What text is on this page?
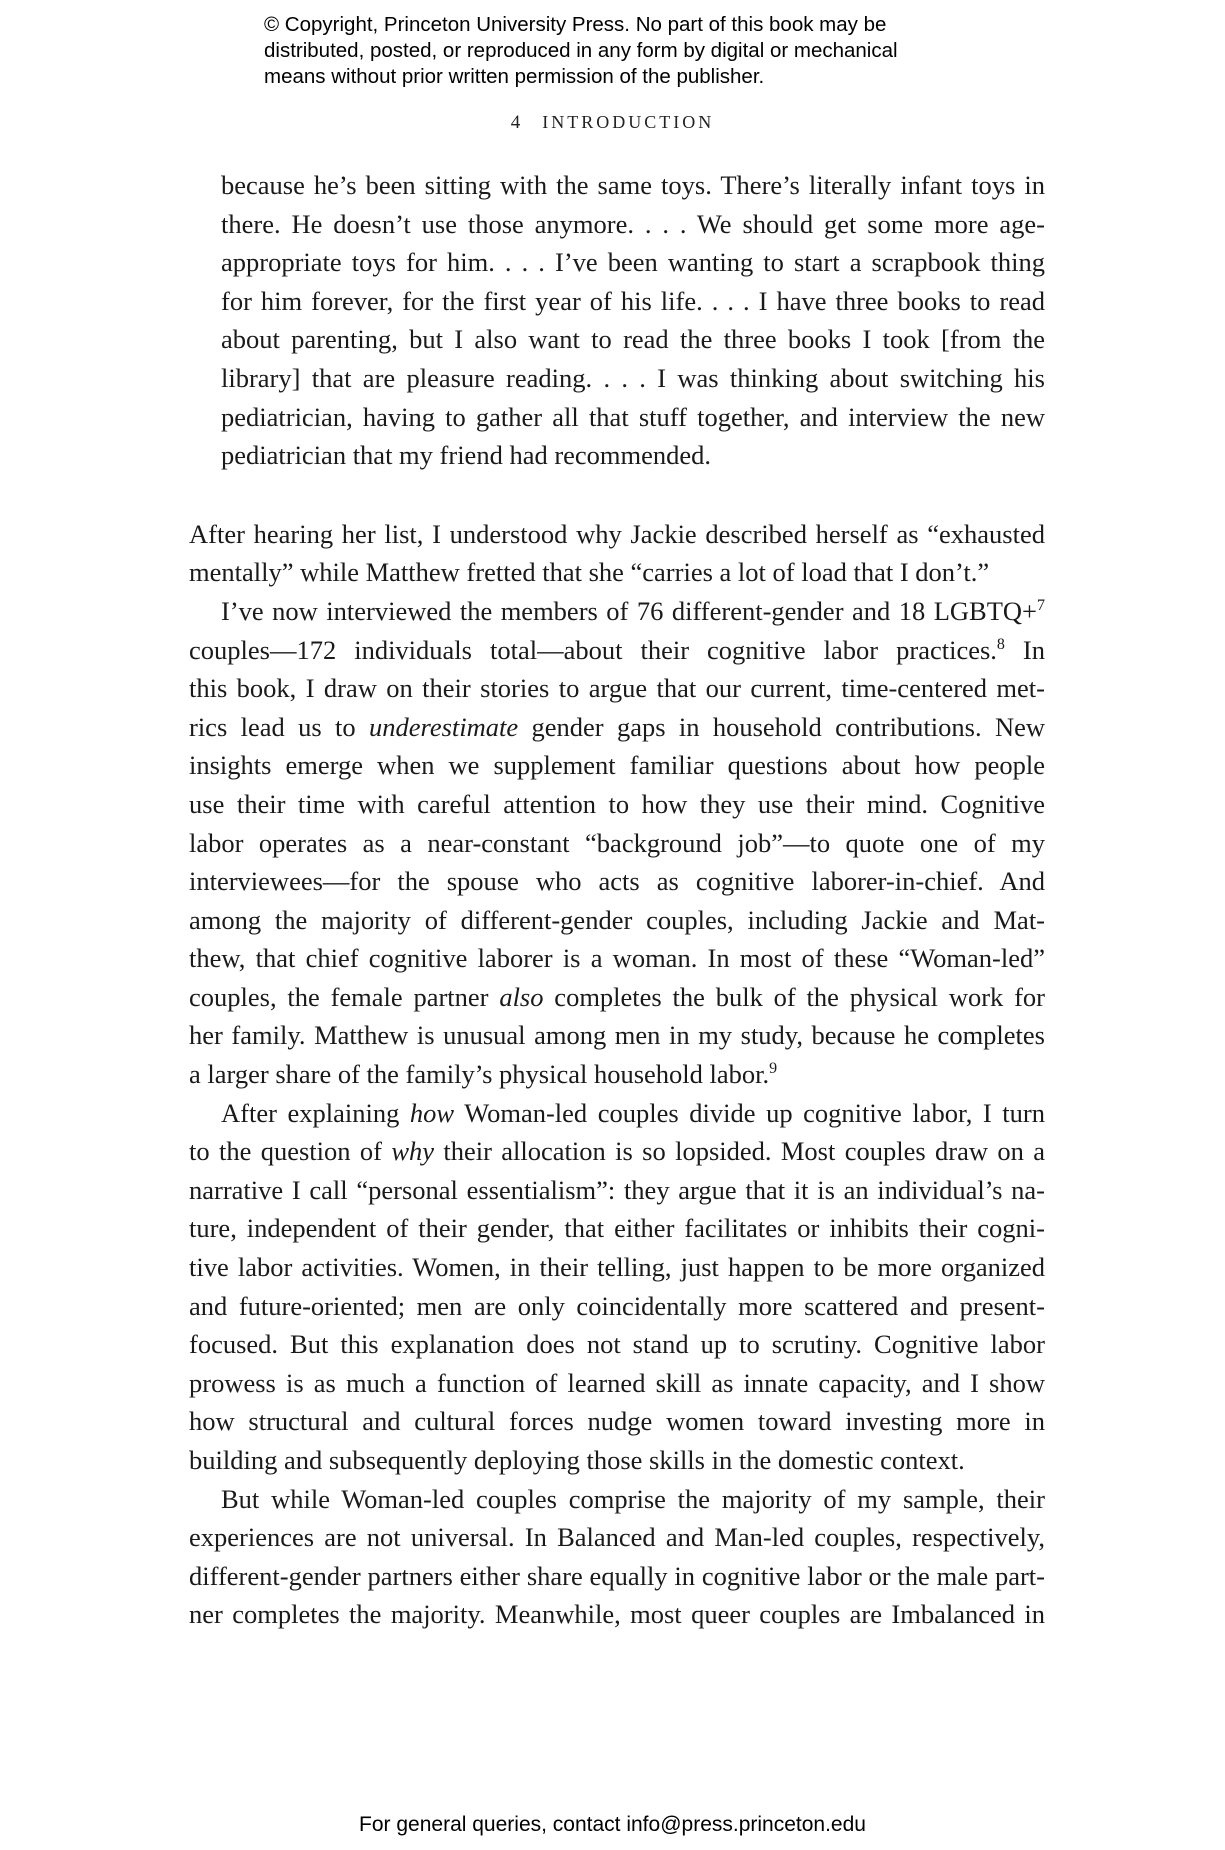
© Copyright, Princeton University Press. No part of this book may be
distributed, posted, or reproduced in any form by digital or mechanical
means without prior written permission of the publisher.
4 INTRODUCTION
because he’s been sitting with the same toys. There’s literally infant toys in
there. He doesn’t use those anymore. . . . We should get some more age-
appropriate toys for him. . . . I’ve been wanting to start a scrapbook thing
for him forever, for the first year of his life. . . . I have three books to read
about parenting, but I also want to read the three books I took [from the
library] that are pleasure reading. . . . I was thinking about switching his
pediatrician, having to gather all that stuff together, and interview the new
pediatrician that my friend had recommended.
After hearing her list, I understood why Jackie described herself as “exhausted
mentally” while Matthew fretted that she “carries a lot of load that I don’t.”
I’ve now interviewed the members of 76 different-gender and 18 LGBTQ+$^7$
couples—172 individuals total—about their cognitive labor practices.$^8$ In
this book, I draw on their stories to argue that our current, time-centered met-
rics lead us to underestimate gender gaps in household contributions. New
insights emerge when we supplement familiar questions about how people
use their time with careful attention to how they use their mind. Cognitive
labor operates as a near-constant “background job”—to quote one of my
interviewees—for the spouse who acts as cognitive laborer-in-chief. And
among the majority of different-gender couples, including Jackie and Mat-
thew, that chief cognitive laborer is a woman. In most of these “Woman-led”
couples, the female partner also completes the bulk of the physical work for
her family. Matthew is unusual among men in my study, because he completes
a larger share of the family’s physical household labor.$^9$
After explaining how Woman-led couples divide up cognitive labor, I turn
to the question of why their allocation is so lopsided. Most couples draw on a
narrative I call “personal essentialism”: they argue that it is an individual’s na-
ture, independent of their gender, that either facilitates or inhibits their cogni-
tive labor activities. Women, in their telling, just happen to be more organized
and future-oriented; men are only coincidentally more scattered and present-
focused. But this explanation does not stand up to scrutiny. Cognitive labor
prowess is as much a function of learned skill as innate capacity, and I show
how structural and cultural forces nudge women toward investing more in
building and subsequently deploying those skills in the domestic context.
But while Woman-led couples comprise the majority of my sample, their
experiences are not universal. In Balanced and Man-led couples, respectively,
different-gender partners either share equally in cognitive labor or the male part-
ner completes the majority. Meanwhile, most queer couples are Imbalanced in
For general queries, contact info@press.princeton.edu
